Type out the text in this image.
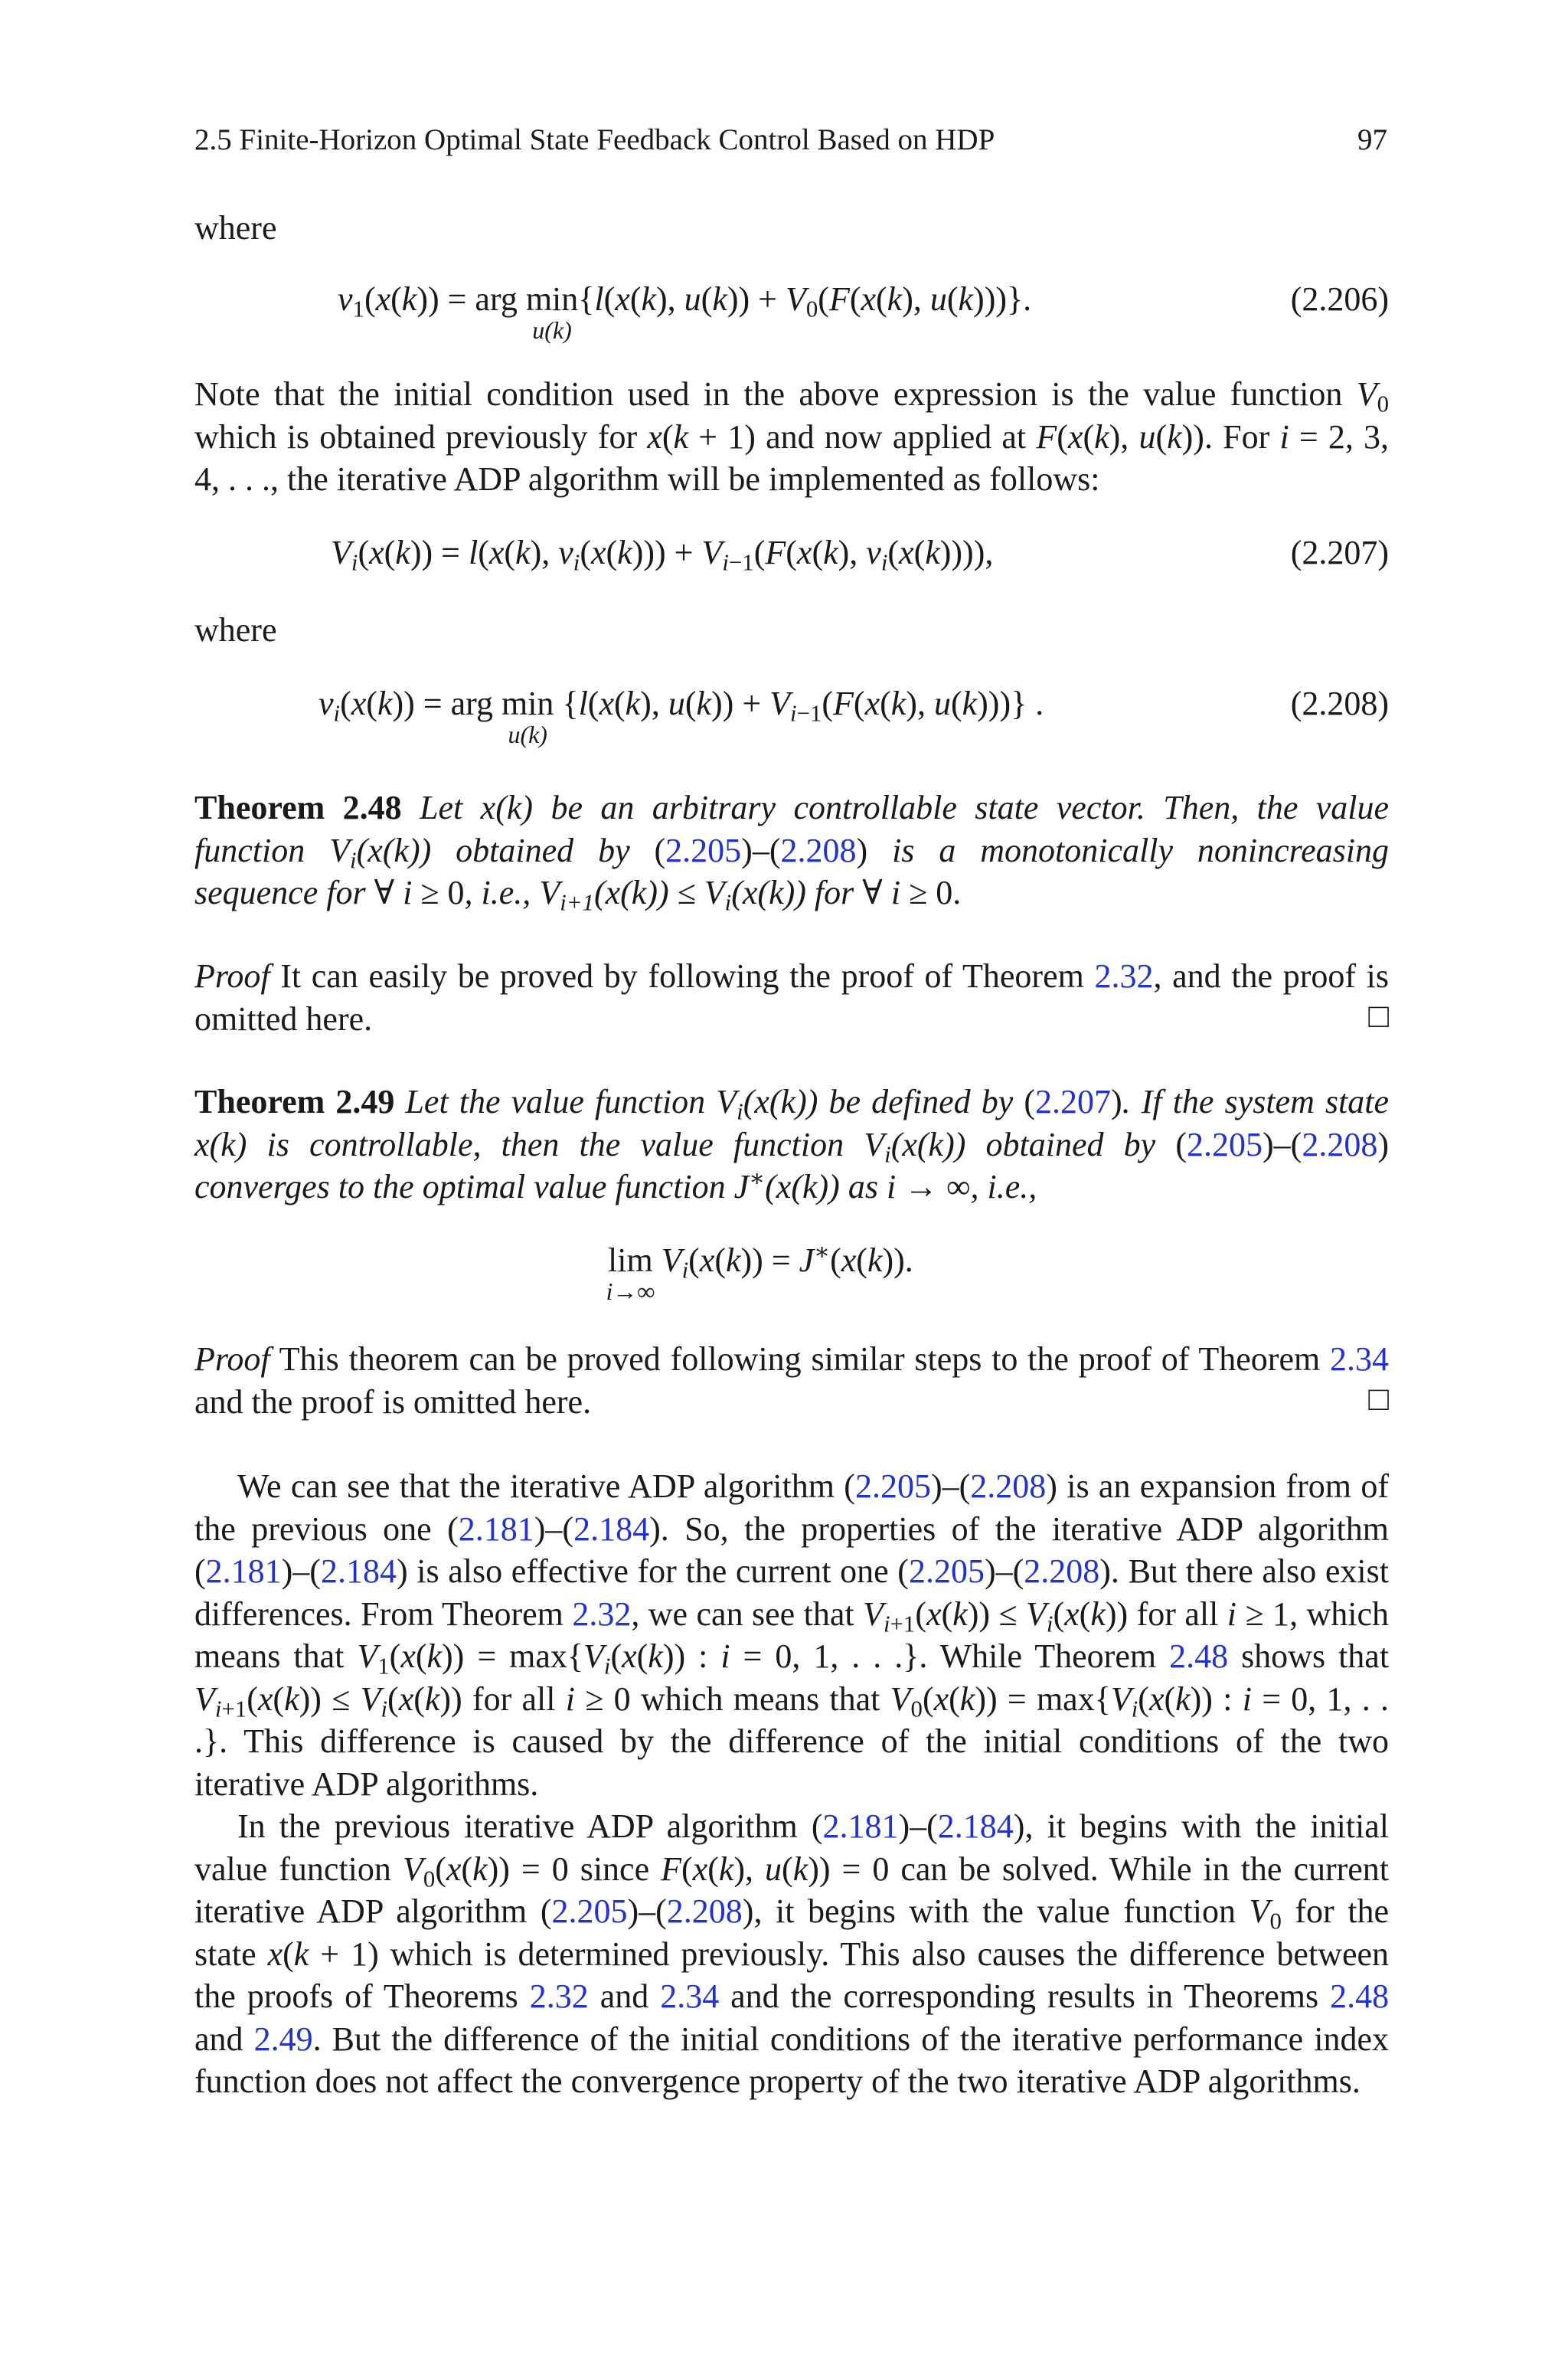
2.5 Finite-Horizon Optimal State Feedback Control Based on HDP	97

where

$v_1(x(k))$ = arg min
u(k)
{l(x(k), $u(k)) + V_0(F(x(k)$, u(k)))}.	(2.206)

Note that the initial condition used in the above expression is the value function $V_0$ which is obtained previously for x(k + 1) and now applied at F(x(k), u(k)). For i = 2, 3, 4, . . ., the iterative ADP algorithm will be implemented as follows:

$V_i(x(k)) = l(x(k)$, $v_i(x(k))) + V_{i-1}(F(x(k)$, $v_i(x(k))$)),	(2.207)

where

$v_i(x(k))$ = arg min
u(k)
{l(x(k), $u(k)) + V_{i-1}(F(x(k)$, u(k)))} .	(2.208)

Theorem 2.48 Let x(k) be an arbitrary controllable state vector. Then, the value function $V_i(x(k))$ obtained by (2.205)–(2.208) is a monotonically nonincreasing sequence for ∀ i ≥ 0, i.e., $V_{i+1}(x(k)) \le V_i(x(k))$ for ∀ i ≥ 0.

Proof It can easily be proved by following the proof of Theorem 2.32, and the proof is omitted here.	□

Theorem 2.49 Let the value function $V_i(x(k))$ be defined by (2.207). If the system state x(k) is controllable, then the value function $V_i(x(k))$ obtained by (2.205)–(2.208) converges to the optimal value function J∗(x(k)) as i → ∞, i.e.,

lim
i→∞
$V_i(x(k)) = J^∗(x(k))$.

Proof This theorem can be proved following similar steps to the proof of Theorem 2.34 and the proof is omitted here.	□

We can see that the iterative ADP algorithm (2.205)–(2.208) is an expansion from of the previous one (2.181)–(2.184). So, the properties of the iterative ADP algorithm (2.181)–(2.184) is also effective for the current one (2.205)–(2.208). But there also exist differences. From Theorem 2.32, we can see that $V_{i+1}(x(k)) \le V_i(x(k))$ for all i ≥ 1, which means that $V_1(x(k)) = \max\{V_i(x(k))$ : i = 0, 1, . . .}. While Theorem 2.48 shows that $V_{i+1}(x(k)) \le V_i(x(k))$ for all i ≥ 0 which means that $V_0(x(k)) = \max\{V_i(x(k))$ : i = 0, 1, . . .}. This difference is caused by the difference of the initial conditions of the two iterative ADP algorithms.

In the previous iterative ADP algorithm (2.181)–(2.184), it begins with the initial value function $V_0(x(k)) = 0$ since F(x(k), u(k)) = 0 can be solved. While in the current iterative ADP algorithm (2.205)–(2.208), it begins with the value function $V_0$ for the state x(k + 1) which is determined previously. This also causes the difference between the proofs of Theorems 2.32 and 2.34 and the corresponding results in Theorems 2.48 and 2.49. But the difference of the initial conditions of the iterative performance index function does not affect the convergence property of the two iterative ADP algorithms.
